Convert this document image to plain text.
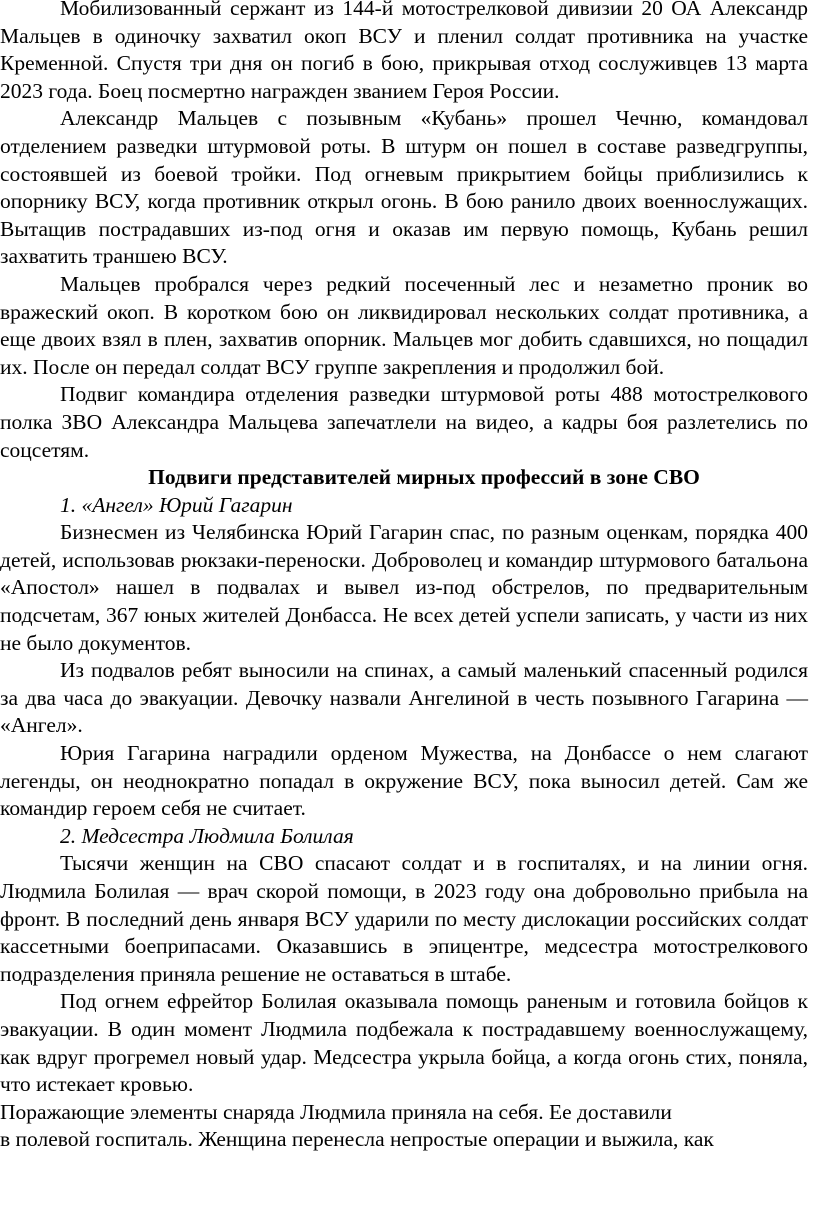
Мобилизованный сержант из 144-й мотострелковой дивизии 20 ОА Александр Мальцев в одиночку захватил окоп ВСУ и пленил солдат противника на участке Кременной. Спустя три дня он погиб в бою, прикрывая отход сослуживцев 13 марта 2023 года. Боец посмертно награжден званием Героя России.

Александр Мальцев с позывным «Кубань» прошел Чечню, командовал отделением разведки штурмовой роты. В штурм он пошел в составе разведгруппы, состоявшей из боевой тройки. Под огневым прикрытием бойцы приблизились к опорнику ВСУ, когда противник открыл огонь. В бою ранило двоих военнослужащих. Вытащив пострадавших из-под огня и оказав им первую помощь, Кубань решил захватить траншею ВСУ.

Мальцев пробрался через редкий посеченный лес и незаметно проник во вражеский окоп. В коротком бою он ликвидировал нескольких солдат противника, а еще двоих взял в плен, захватив опорник. Мальцев мог добить сдавшихся, но пощадил их. После он передал солдат ВСУ группе закрепления и продолжил бой.

Подвиг командира отделения разведки штурмовой роты 488 мотострелкового полка ЗВО Александра Мальцева запечатлели на видео, а кадры боя разлетелись по соцсетям.

Подвиги представителей мирных профессий в зоне СВО

1. «Ангел» Юрий Гагарин

Бизнесмен из Челябинска Юрий Гагарин спас, по разным оценкам, порядка 400 детей, использовав рюкзаки-переноски. Доброволец и командир штурмового батальона «Апостол» нашел в подвалах и вывел из-под обстрелов, по предварительным подсчетам, 367 юных жителей Донбасса. Не всех детей успели записать, у части из них не было документов.

Из подвалов ребят выносили на спинах, а самый маленький спасенный родился за два часа до эвакуации. Девочку назвали Ангелиной в честь позывного Гагарина — «Ангел».

Юрия Гагарина наградили орденом Мужества, на Донбассе о нем слагают легенды, он неоднократно попадал в окружение ВСУ, пока выносил детей. Сам же командир героем себя не считает.

2. Медсестра Людмила Болилая

Тысячи женщин на СВО спасают солдат и в госпиталях, и на линии огня. Людмила Болилая — врач скорой помощи, в 2023 году она добровольно прибыла на фронт. В последний день января ВСУ ударили по месту дислокации российских солдат кассетными боеприпасами. Оказавшись в эпицентре, медсестра мотострелкового подразделения приняла решение не оставаться в штабе.

Под огнем ефрейтор Болилая оказывала помощь раненым и готовила бойцов к эвакуации. В один момент Людмила подбежала к пострадавшему военнослужащему, как вдруг прогремел новый удар. Медсестра укрыла бойца, а когда огонь стих, поняла, что истекает кровью.

Поражающие элементы снаряда Людмила приняла на себя. Ее доставили

в полевой госпиталь. Женщина перенесла непростые операции и выжила, как
